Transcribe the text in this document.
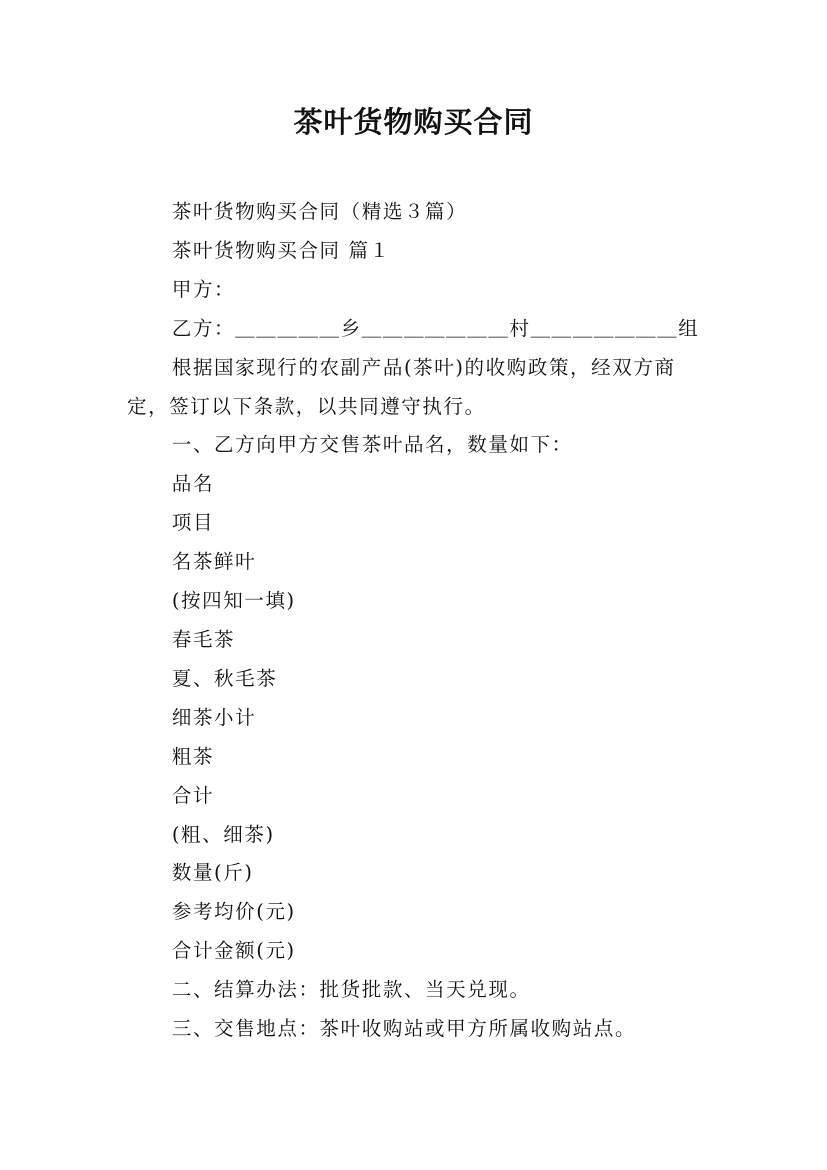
茶叶货物购买合同

茶叶货物购买合同（精选３篇）

茶叶货物购买合同 篇１

甲方：

乙方：＿＿＿＿＿乡＿＿＿＿＿＿＿村＿＿＿＿＿＿＿组

根据国家现行的农副产品(茶叶)的收购政策，经双方商定，签订以下条款，以共同遵守执行。

一、乙方向甲方交售茶叶品名，数量如下：

品名

项目

名茶鲜叶

(按四知一填)

春毛茶

夏、秋毛茶

细茶小计

粗茶

合计

(粗、细茶)

数量(斤)

参考均价(元)

合计金额(元)

二、结算办法：批货批款、当天兑现。

三、交售地点：茶叶收购站或甲方所属收购站点。
